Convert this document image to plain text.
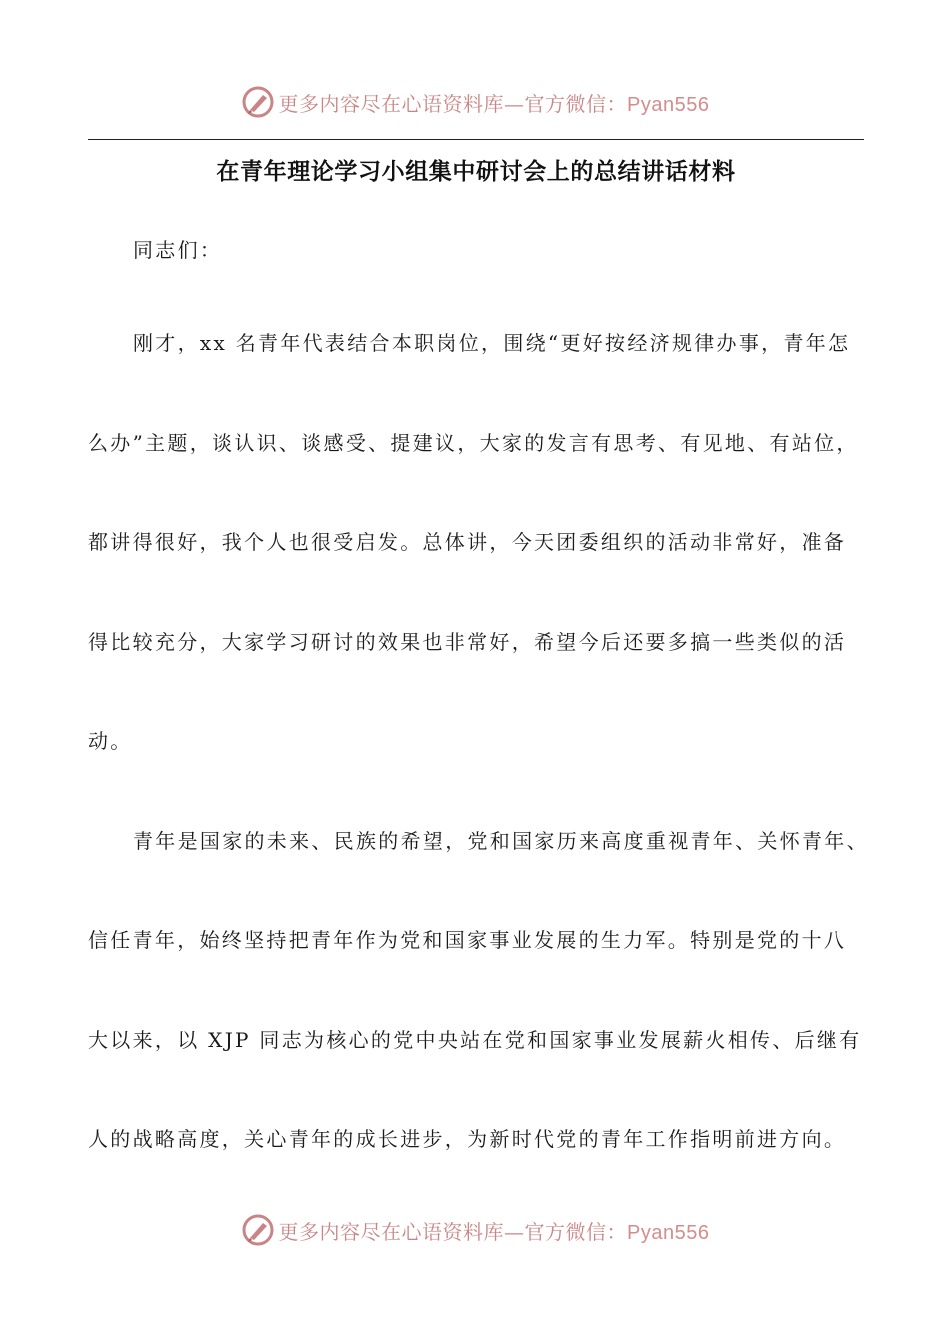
更多内容尽在心语资料库—官方微信：Pyan556
在青年理论学习小组集中研讨会上的总结讲话材料

同志们：

刚才，xx 名青年代表结合本职岗位，围绕“更好按经济规律办事，青年怎
么办”主题，谈认识、谈感受、提建议，大家的发言有思考、有见地、有站位，
都讲得很好，我个人也很受启发。总体讲，今天团委组织的活动非常好，准备
得比较充分，大家学习研讨的效果也非常好，希望今后还要多搞一些类似的活
动。
青年是国家的未来、民族的希望，党和国家历来高度重视青年、关怀青年、
信任青年，始终坚持把青年作为党和国家事业发展的生力军。特别是党的十八
大以来，以 XJP 同志为核心的党中央站在党和国家事业发展薪火相传、后继有
人的战略高度，关心青年的成长进步，为新时代党的青年工作指明前进方向。
更多内容尽在心语资料库—官方微信：Pyan556
